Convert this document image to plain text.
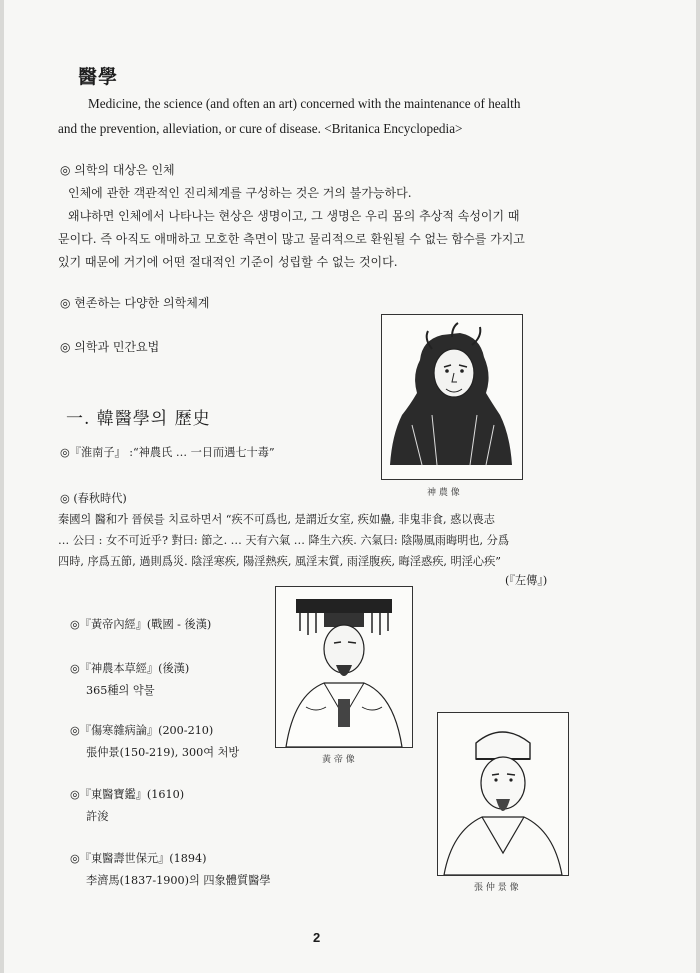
醫學
Medicine, the science (and often an art) concerned with the maintenance of health
and the prevention, alleviation, or cure of disease. <Britanica Encyclopedia>
◎ 의학의 대상은 인체
인체에 관한 객관적인 진리체계를 구성하는 것은 거의 불가능하다.
왜냐하면 인체에서 나타나는 현상은 생명이고, 그 생명은 우리 몸의 추상적 속성이기 때
문이다. 즉 아직도 애매하고 모호한 측면이 많고 물리적으로 환원될 수 없는 함수를 가지고
있기 때문에 거기에 어떤 절대적인 기준이 성립할 수 없는 것이다.
◎ 현존하는 다양한 의학체계
◎ 의학과 민간요법
神 農 像
一. 韓醫學의 歷史
◎『淮南子』 :“神農氏 … 一日而遇七十毒”
◎ (春秋時代)
秦國의 醫和가 晉侯를 치료하면서 “疾不可爲也, 是謂近女室, 疾如蠱, 非鬼非食, 惑以喪志
… 公曰 : 女不可近乎? 對曰: 節之. … 天有六氣 … 降生六疾. 六氣曰: 陰陽風雨晦明也, 分爲
四時, 序爲五節, 過則爲災. 陰淫寒疾, 陽淫熱疾, 風淫末質, 雨淫腹疾, 晦淫惑疾, 明淫心疾”
(『左傳』)
黃 帝 像
張 仲 景 像
◎『黃帝內經』(戰國 - 後漢)
◎『神農本草經』(後漢)
365種의 약물
◎『傷寒雜病論』(200-210)
張仲景(150-219), 300여 처방
◎『東醫寶鑑』(1610)
許浚
◎『東醫壽世保元』(1894)
李濟馬(1837-1900)의 四象體質醫學
2
